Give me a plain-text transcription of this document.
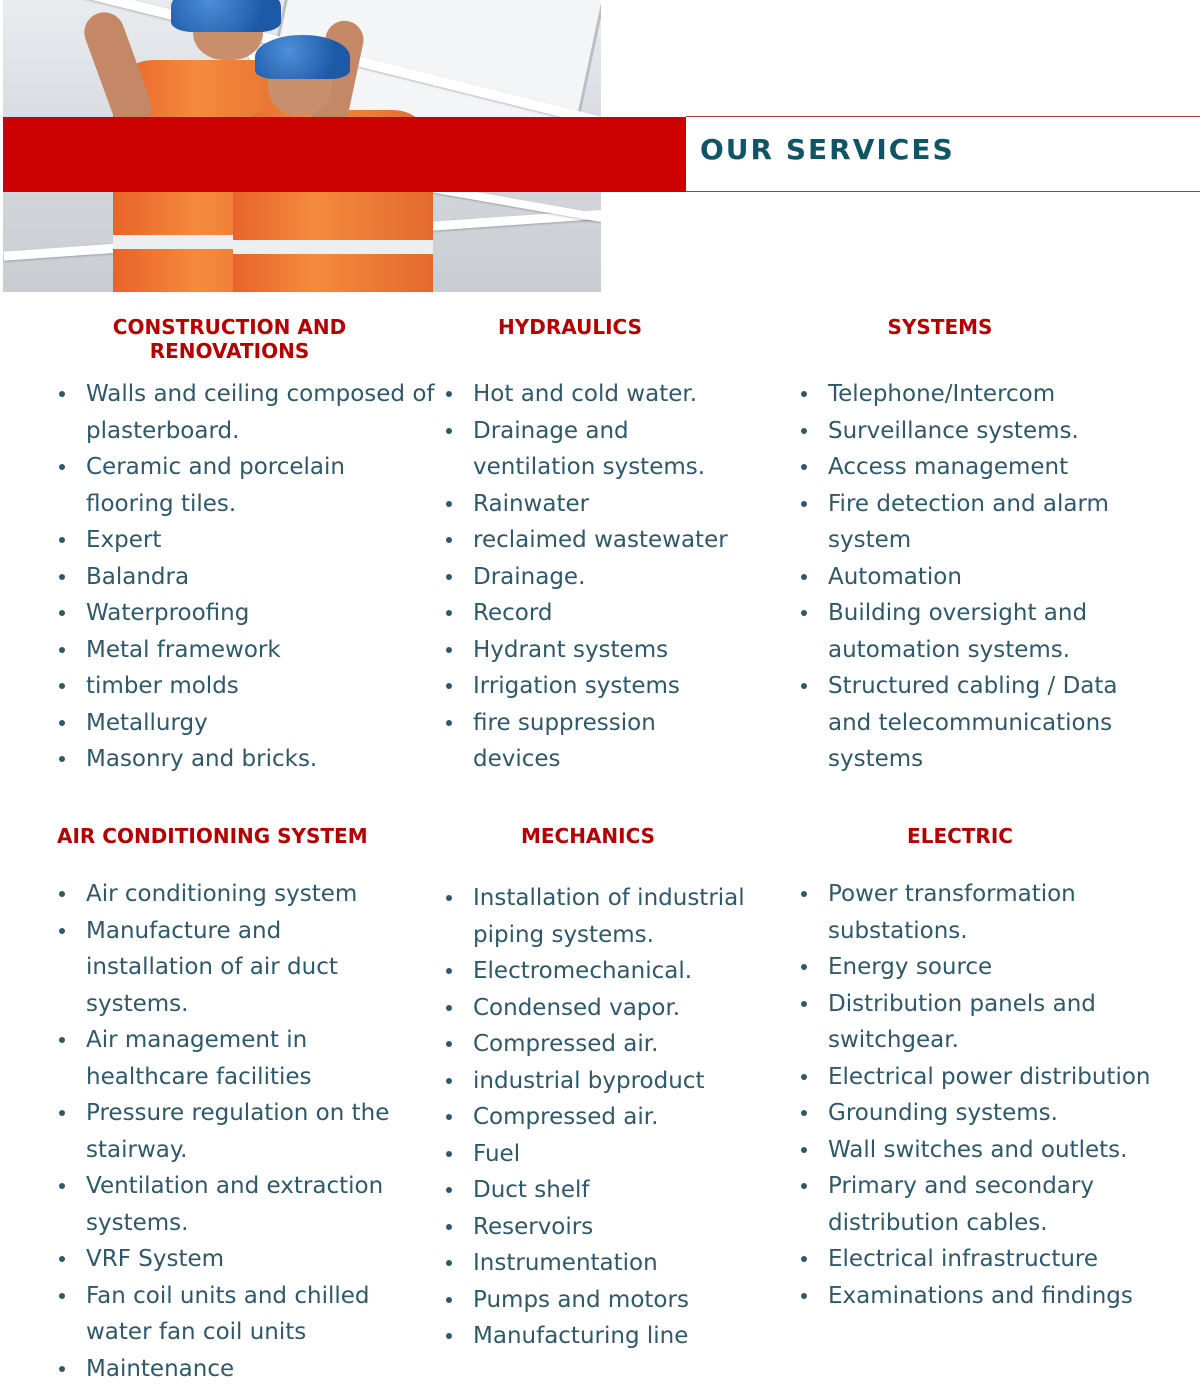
OUR SERVICES
CONSTRUCTION AND RENOVATIONS
Walls and ceiling composed of plasterboard.
Ceramic and porcelain flooring tiles.
Expert
Balandra
Waterproofing
Metal framework
timber molds
Metallurgy
Masonry and bricks.
HYDRAULICS
Hot and cold water.
Drainage and ventilation systems.
Rainwater
reclaimed wastewater
Drainage.
Record
Hydrant systems
Irrigation systems
fire suppression devices
SYSTEMS
Telephone/Intercom
Surveillance systems.
Access management
Fire detection and alarm system
Automation
Building oversight and automation systems.
Structured cabling / Data and telecommunications systems
AIR CONDITIONING SYSTEM
Air conditioning system
Manufacture and installation of air duct systems.
Air management in healthcare facilities
Pressure regulation on the stairway.
Ventilation and extraction systems.
VRF System
Fan coil units and chilled water fan coil units
Maintenance
MECHANICS
Installation of industrial piping systems.
Electromechanical.
Condensed vapor.
Compressed air.
industrial byproduct
Compressed air.
Fuel
Duct shelf
Reservoirs
Instrumentation
Pumps and motors
Manufacturing line
ELECTRIC
Power transformation substations.
Energy source
Distribution panels and switchgear.
Electrical power distribution
Grounding systems.
Wall switches and outlets.
Primary and secondary distribution cables.
Electrical infrastructure
Examinations and findings
